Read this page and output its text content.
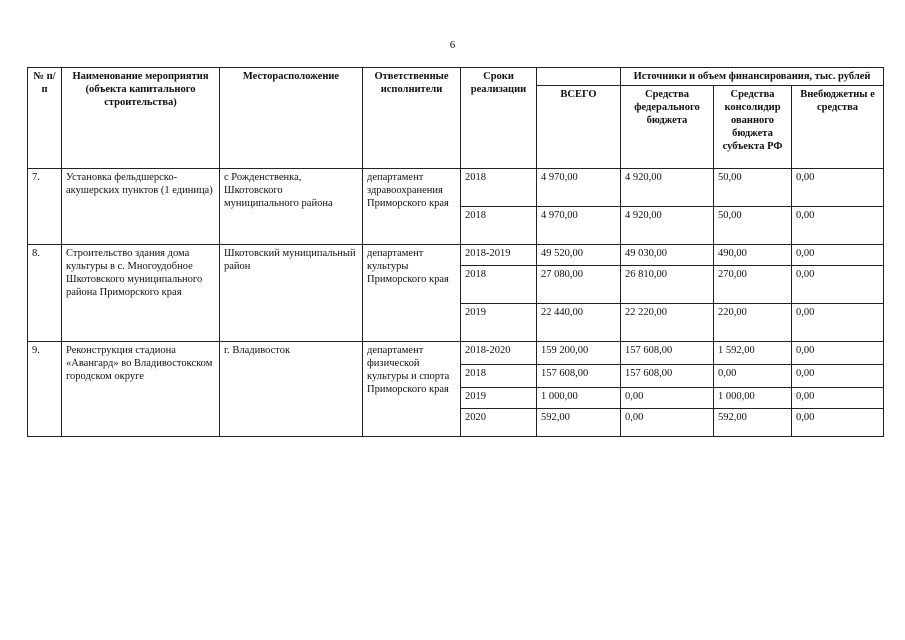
6
№ п/п	Наименование мероприятия (объекта капитального строительства)	Месторасположение	Ответственные исполнители	Сроки реализации		Источники и объем финансирования, тыс. рублей		
					ВСЕГО	Средства федерального бюджета	Средства консолидир ованного бюджета субъекта РФ	Внебюджетны е средства
7.	Установка фельдшерско-акушерских пунктов (1 единица)	с Рожденственка, Шкотовского муниципального района	департамент здравоохранения Приморского края	2018	4 970,00	4 920,00	50,00	0,00
				2018	4 970,00	4 920,00	50,00	0,00
8.	Строительство здания дома культуры в с. Многоудобное Шкотовского муниципального района Приморского края	Шкотовский муниципальный район	департамент культуры Приморского края	2018-2019	49 520,00	49 030,00	490,00	0,00
				2018	27 080,00	26 810,00	270,00	0,00
				2019	22 440,00	22 220,00	220,00	0,00
9.	Реконструкция стадиона «Авангард» во Владивостокском городском округе	г. Владивосток	департамент физической культуры и спорта Приморского края	2018-2020	159 200,00	157 608,00	1 592,00	0,00
				2018	157 608,00	157 608,00	0,00	0,00
				2019	1 000,00	0,00	1 000,00	0,00
				2020	592,00	0,00	592,00	0,00
